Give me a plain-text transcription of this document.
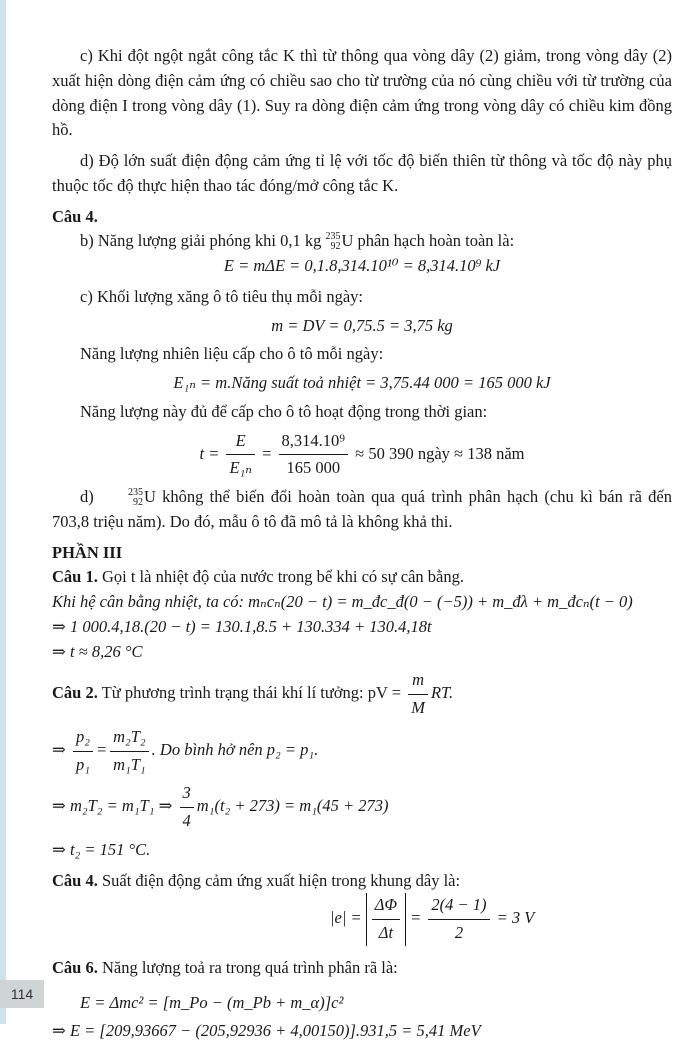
c) Khi đột ngột ngắt công tắc K thì từ thông qua vòng dây (2) giảm, trong vòng dây (2) xuất hiện dòng điện cảm ứng có chiều sao cho từ trường của nó cùng chiều với từ trường của dòng điện I trong vòng dây (1). Suy ra dòng điện cảm ứng trong vòng dây có chiều kim đồng hồ.

d) Độ lớn suất điện động cảm ứng tỉ lệ với tốc độ biến thiên từ thông và tốc độ này phụ thuộc tốc độ thực hiện thao tác đóng/mở công tắc K.

Câu 4.

b) Năng lượng giải phóng khi 0,1 kg 235
92 U phân hạch hoàn toàn là:

E = mΔE = 0,1.8,314.10¹⁰ = 8,314.10⁹ kJ

c) Khối lượng xăng ô tô tiêu thụ mỗi ngày:

m = DV = 0,75.5 = 3,75 kg

Năng lượng nhiên liệu cấp cho ô tô mỗi ngày:

E₁ₙ = m.Năng suất toả nhiệt = 3,75.44 000 = 165 000 kJ

Năng lượng này đủ để cấp cho ô tô hoạt động trong thời gian:

$t = \frac{E}{\text{E₁ₙ}} = \frac{\text{8,314.10⁹}}{165 000} \approx 50$ 390 ngày ≈ 138 năm

d)	235
92 U không thể biến đổi hoàn toàn qua quá trình phân hạch (chu kì bán rã đến 703,8 triệu năm). Do đó, mẫu ô tô đã mô tả là không khả thi.

PHẦN III

Câu 1. Gọi t là nhiệt độ của nước trong bể khi có sự cân bằng.

Khi hệ cân bằng nhiệt, ta có: mₙcₙ(20 − t) = m_đc_đ(0 − (−5)) + m_đλ + m_đcₙ(t − 0)

⇒ 1 000.4,18.(20 − t) = 130.1,8.5 + 130.334 + 130.4,18t

⇒ t ≈ 8,26 °C

Câu 2. Từ phương trình trạng thái khí lí tưởng: pV = $\frac{m}{M}$ RT.

⇒ $\frac{\text{p₂}}{\text{p₁}} = \frac{\text{m₂T₂}}{\text{m₁T₁}}$ . Do bình hở nên p₂ = p₁.

⇒ m₂T₂ = m₁T₁ ⇒ $\frac{3}{4} m_1(t_2 + 273) = m_1(45 + 273)$

⇒ t₂ = 151 °C.

Câu 4. Suất điện động cảm ứng xuất hiện trong khung dây là:

$|e| = \frac{\Delta\Phi}{\Delta t} = \frac{2(4 - 1)}{2} = 3$ V

Câu 6. Năng lượng toả ra trong quá trình phân rã là:

E = Δmc² = [m_Po − (m_Pb + m_α)]c²

⇒ E = [209,93667 − (205,92936 + 4,00150)].931,5 = 5,41 MeV

114
